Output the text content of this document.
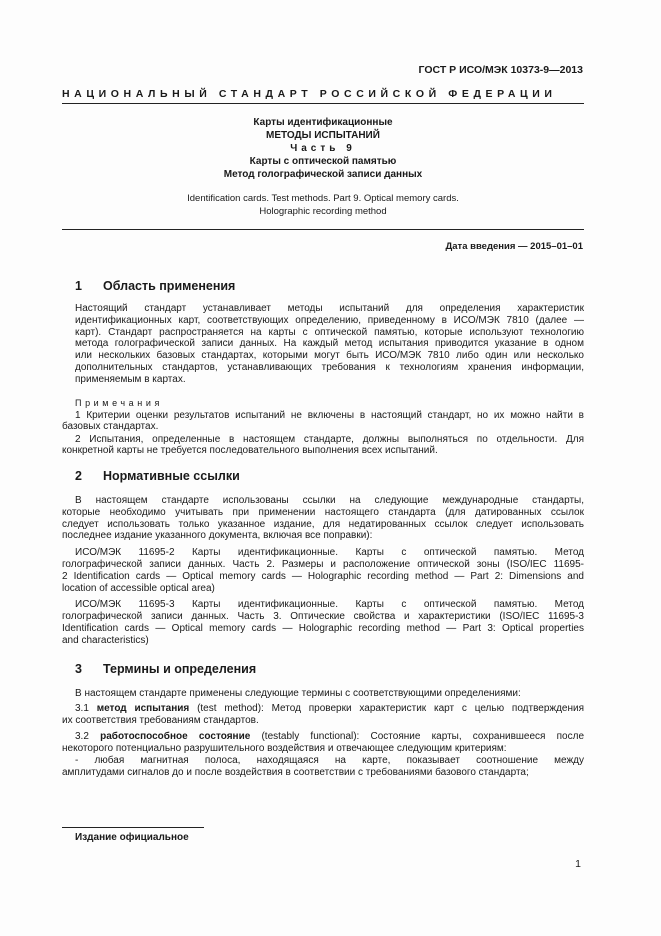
ГОСТ Р ИСО/МЭК 10373-9—2013
НАЦИОНАЛЬНЫЙ СТАНДАРТ РОССИЙСКОЙ ФЕДЕРАЦИИ
Карты идентификационные
МЕТОДЫ ИСПЫТАНИЙ
Часть 9
Карты с оптической памятью
Метод голографической записи данных
Identification cards. Test methods. Part 9. Optical memory cards.
Holographic recording method
Дата введения — 2015–01–01
1 Область применения
Настоящий стандарт устанавливает методы испытаний для определения характеристик
идентификационных карт, соответствующих определению, приведенному в ИСО/МЭК 7810 (далее —
карт). Стандарт распространяется на карты с оптической памятью, которые используют технологию
метода голографической записи данных. На каждый метод испытания приводится указание в одном
или нескольких базовых стандартах, которыми могут быть ИСО/МЭК 7810 либо один или несколько
дополнительных стандартов, устанавливающих требования к технологиям хранения информации,
применяемым в картах.
Примечания
1 Критерии оценки результатов испытаний не включены в настоящий стандарт, но их можно найти в
базовых стандартах.
2 Испытания, определенные в настоящем стандарте, должны выполняться по отдельности. Для
конкретной карты не требуется последовательного выполнения всех испытаний.
2 Нормативные ссылки
В настоящем стандарте использованы ссылки на следующие международные стандарты,
которые необходимо учитывать при применении настоящего стандарта (для датированных ссылок
следует использовать только указанное издание, для недатированных ссылок следует использовать
последнее издание указанного документа, включая все поправки):
ИСО/МЭК 11695-2 Карты идентификационные. Карты с оптической памятью. Метод
голографической записи данных. Часть 2. Размеры и расположение оптической зоны (ISO/IEC 11695-
2 Identification cards — Optical memory cards — Holographic recording method — Part 2: Dimensions and
location of accessible optical area)
ИСО/МЭК 11695-3 Карты идентификационные. Карты с оптической памятью. Метод
голографической записи данных. Часть 3. Оптические свойства и характеристики (ISO/IEC 11695-3
Identification cards — Optical memory cards — Holographic recording method — Part 3: Optical properties
and characteristics)
3 Термины и определения
В настоящем стандарте применены следующие термины с соответствующими определениями:
3.1 метод испытания (test method): Метод проверки характеристик карт с целью подтверждения
их соответствия требованиям стандартов.
3.2 работоспособное состояние (testably functional): Состояние карты, сохранившееся после
некоторого потенциально разрушительного воздействия и отвечающее следующим критериям:
- любая магнитная полоса, находящаяся на карте, показывает соотношение между
амплитудами сигналов до и после воздействия в соответствии с требованиями базового стандарта;
Издание официальное
1
